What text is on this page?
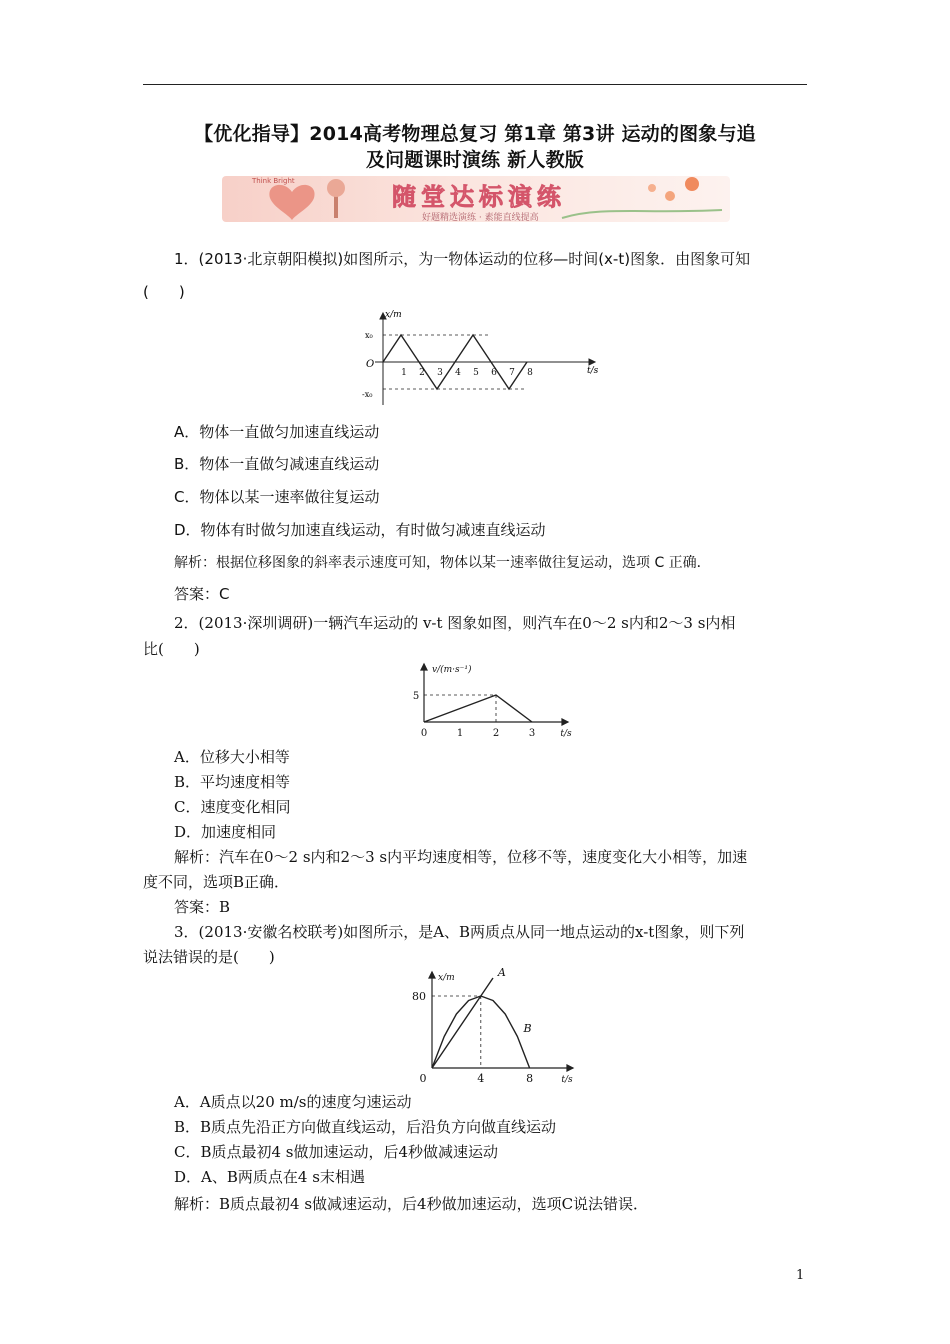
【优化指导】2014高考物理总复习 第1章 第3讲 运动的图象与追
及问题课时演练 新人教版
Think Bright
随堂达标演练
好题精选演练 · 素能直线提高
1．(2013·北京朝阳模拟)如图所示，为一物体运动的位移—时间(x-t)图象．由图象可知
(　　)
1 2 3 4 5 6 7 8
x/m
t/s
O
x₀
-x₀
A．物体一直做匀加速直线运动
B．物体一直做匀减速直线运动
C．物体以某一速率做往复运动
D．物体有时做匀加速直线运动，有时做匀减速直线运动
解析：根据位移图象的斜率表示速度可知，物体以某一速率做往复运动，选项 C 正确．
答案：C
2．(2013·深圳调研)一辆汽车运动的 v-t 图象如图，则汽车在0～2 s内和2～3 s内相
比(　　)
v/(m·s⁻¹)
t/s
5
0	1	2	3
A．位移大小相等
B．平均速度相等
C．速度变化相同
D．加速度相同
解析：汽车在0～2 s内和2～3 s内平均速度相等，位移不等，速度变化大小相等，加速
度不同，选项B正确．
答案：B
3．(2013·安徽名校联考)如图所示，是A、B两质点从同一地点运动的x-t图象，则下列
说法错误的是(　　)
A
B
x/m
t/s
80
0	4	8
A．A质点以20 m/s的速度匀速运动
B．B质点先沿正方向做直线运动，后沿负方向做直线运动
C．B质点最初4 s做加速运动，后4秒做减速运动
D．A、B两质点在4 s末相遇
解析：B质点最初4 s做减速运动，后4秒做加速运动，选项C说法错误．
1
